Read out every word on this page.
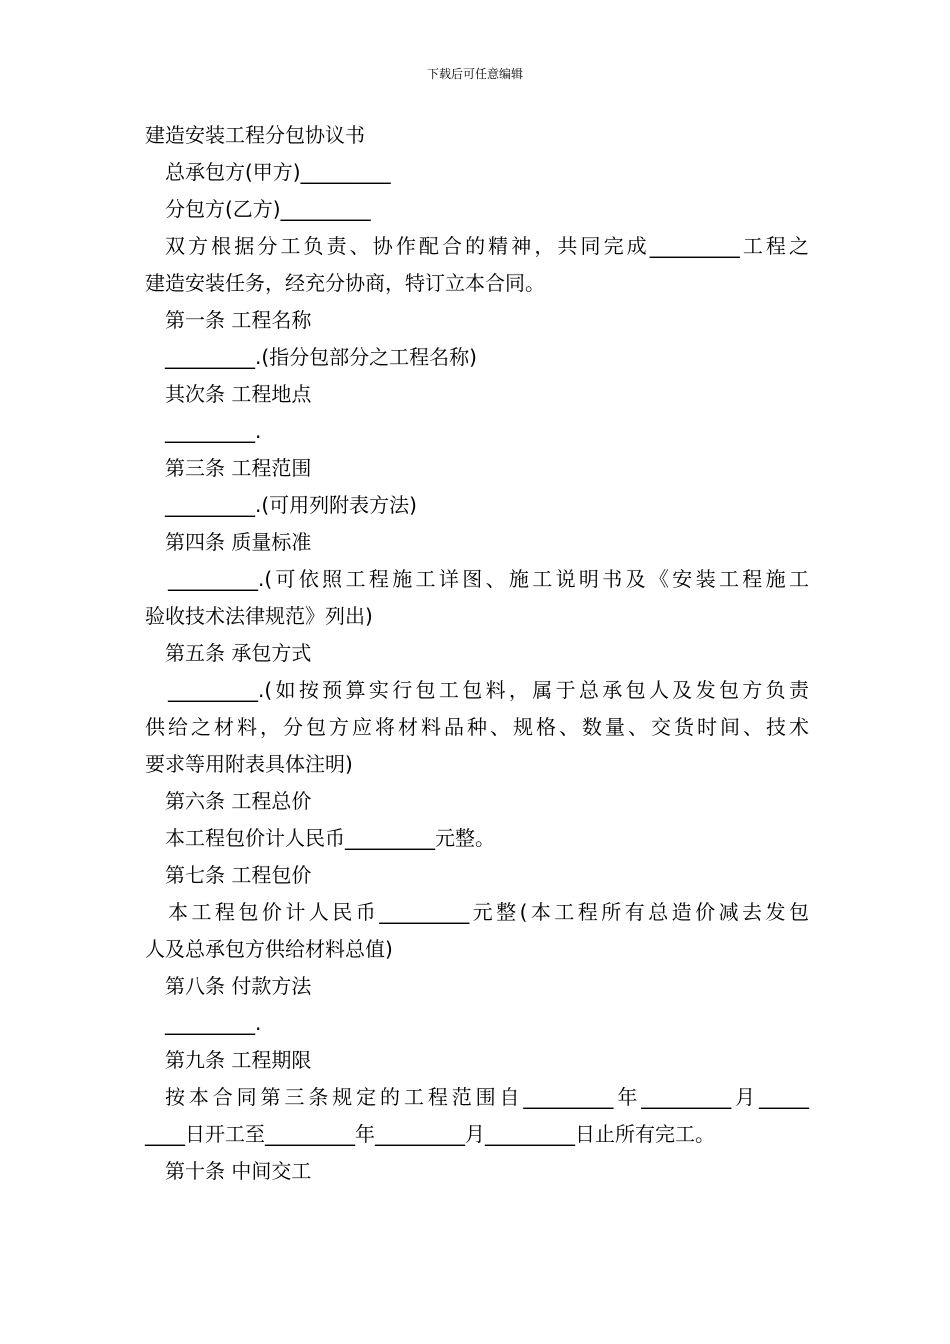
下载后可任意编辑
建造安装工程分包协议书
总承包方(甲方)_________
分包方(乙方)_________
双方根据分工负责、协作配合的精神，共同完成_________工程之
建造安装任务，经充分协商，特订立本合同。
第一条 工程名称
_________.(指分包部分之工程名称)
其次条 工程地点
_________.
第三条 工程范围
_________.(可用列附表方法)
第四条 质量标准
_________.(可依照工程施工详图、施工说明书及《安装工程施工
验收技术法律规范》列出)
第五条 承包方式
_________.(如按预算实行包工包料，属于总承包人及发包方负责
供给之材料，分包方应将材料品种、规格、数量、交货时间、技术
要求等用附表具体注明)
第六条 工程总价
本工程包价计人民币_________元整。
第七条 工程包价
本工程包价计人民币_________元整(本工程所有总造价减去发包
人及总承包方供给材料总值)
第八条 付款方法
_________.
第九条 工程期限
按本合同第三条规定的工程范围自_________年_________月_____
____日开工至_________年_________月_________日止所有完工。
第十条 中间交工
